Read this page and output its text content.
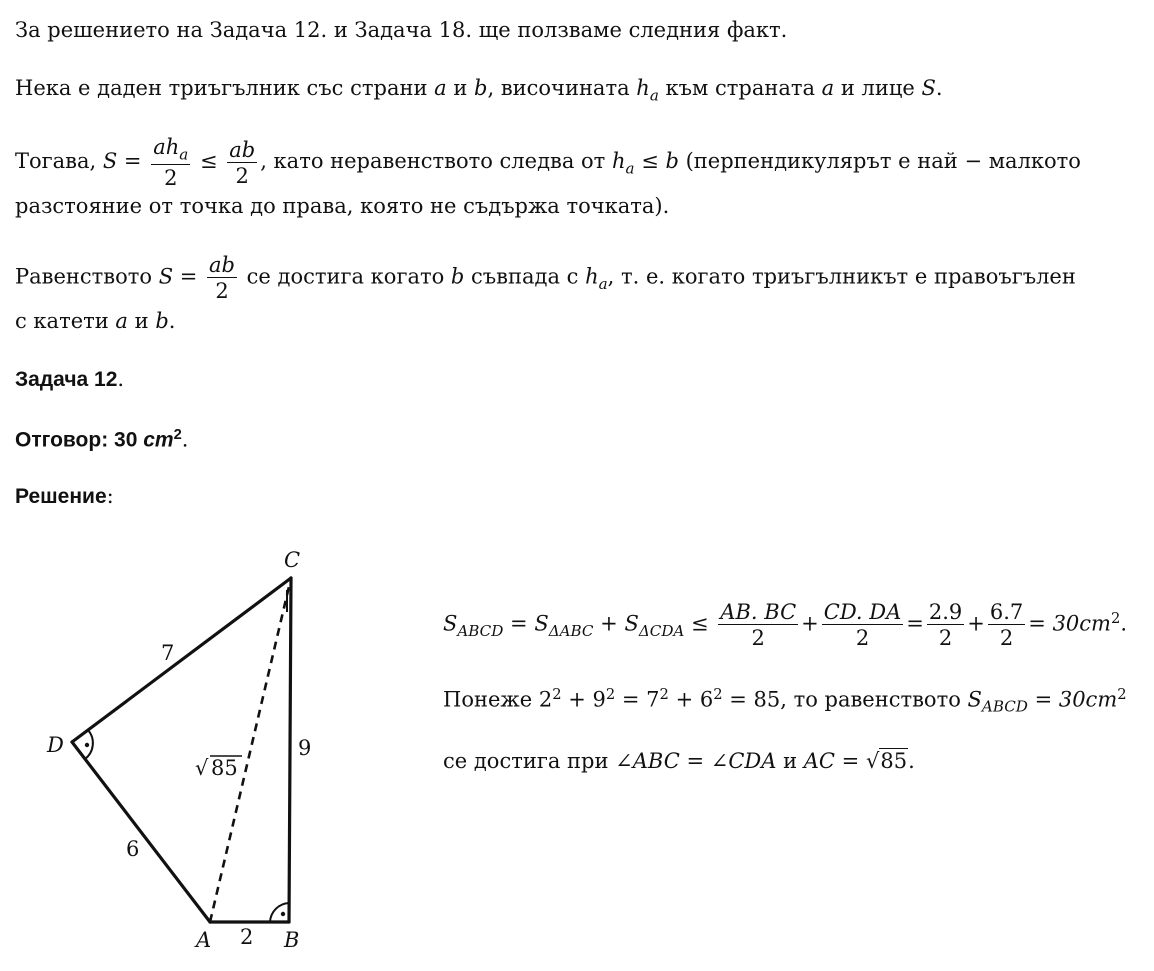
За решението на Задача 12. и Задача 18. ще ползваме следния факт.
Нека е даден триъгълник със страни a и b, височината $h_a$ към страната a и лице S.
Тогава, $S = \frac{ah_a}{2} \le \frac{ab}{2}$ , като неравенството следва от $h_a \le b$ (перпендикулярът е най − малкото
разстояние от точка до права, която не съдържа точката).
Равенството $S = \frac{ab}{2}$ се достига когато b съвпада с $h_a$, т. е. когато триъгълникът е правоъгълен
с катети a и b.
Задача 12.
Отговор: 30 $cm^2$.
Решение:
$S_{ABCD} = S_{\Delta ABC} + S_{\Delta CDA} \le \frac{AB. BC}{2} + \frac{CD. DA}{2} = \frac{2.9}{2} + \frac{6.7}{2} = 30cm^2$.
Понеже $2^2 + 9^2 = 7^2 + 6^2 = 85$, то равенството $S_{ABCD} = 30cm^2$
се достига при ∠ABC = ∠CDA и AC = √85.
C
D
A	B
7
9
6
2
√ 85
